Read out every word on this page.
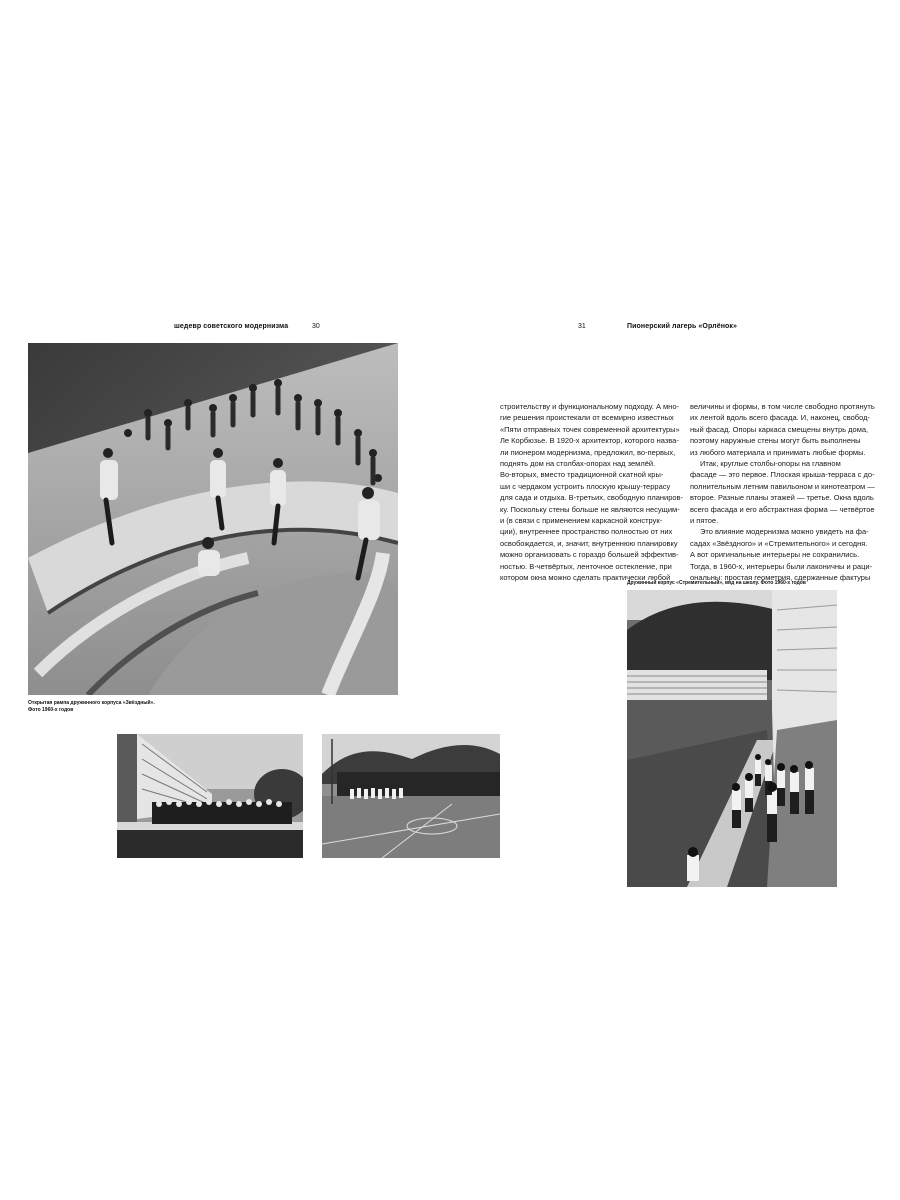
шедевр советского модернизма	30	31	Пионерский лагерь «Орлёнок»
Открытая рампа дружинного корпуса «Звёздный».
Фото 1960-х годов

строительству и функциональному подходу. А мно-

гие решения проистекали от всемирно известных

«Пяти отправных точек современной архитектуры»

Ле Корбюзье. В 1920-х архитектор, которого назва-

ли пионером модернизма, предложил, во-первых,

поднять дом на столбах-опорах над землёй.

Во-вторых, вместо традиционной скатной кры-

ши с чердаком устроить плоскую крышу-террасу

для сада и отдыха. В-третьих, свободную планиров-

ку. Поскольку стены больше не являются несущим-

и (в связи с применением каркасной конструк-

ции), внутреннее пространство полностью от них

освобождается, и, значит, внутреннюю планировку

можно организовать с гораздо большей эффектив-

ностью. В-четвёртых, ленточное остекление, при

котором окна можно сделать практически любой

величины и формы, в том числе свободно протянуть

их лентой вдоль всего фасада. И, наконец, свобод-

ный фасад. Опоры каркаса смещены внутрь дома,

поэтому наружные стены могут быть выполнены

из любого материала и принимать любые формы.

Итак, круглые столбы-опоры на главном

фасаде — это первое. Плоская крыша-терраса с до-

полнительным летним павильоном и кинотеатром —

второе. Разные планы этажей — третье. Окна вдоль

всего фасада и его абстрактная форма — четвёртое

и пятое.

Это влияние модернизма можно увидеть на фа-

садах «Звёздного» и «Стремительного» и сегодня.

А вот оригинальные интерьеры не сохранились.

Тогда, в 1960-х, интерьеры были лаконичны и раци-

ональны: простая геометрия, сдержанные фактуры

Дружинный корпус «Стремительный», вид на школу. Фото 1960-х годов
